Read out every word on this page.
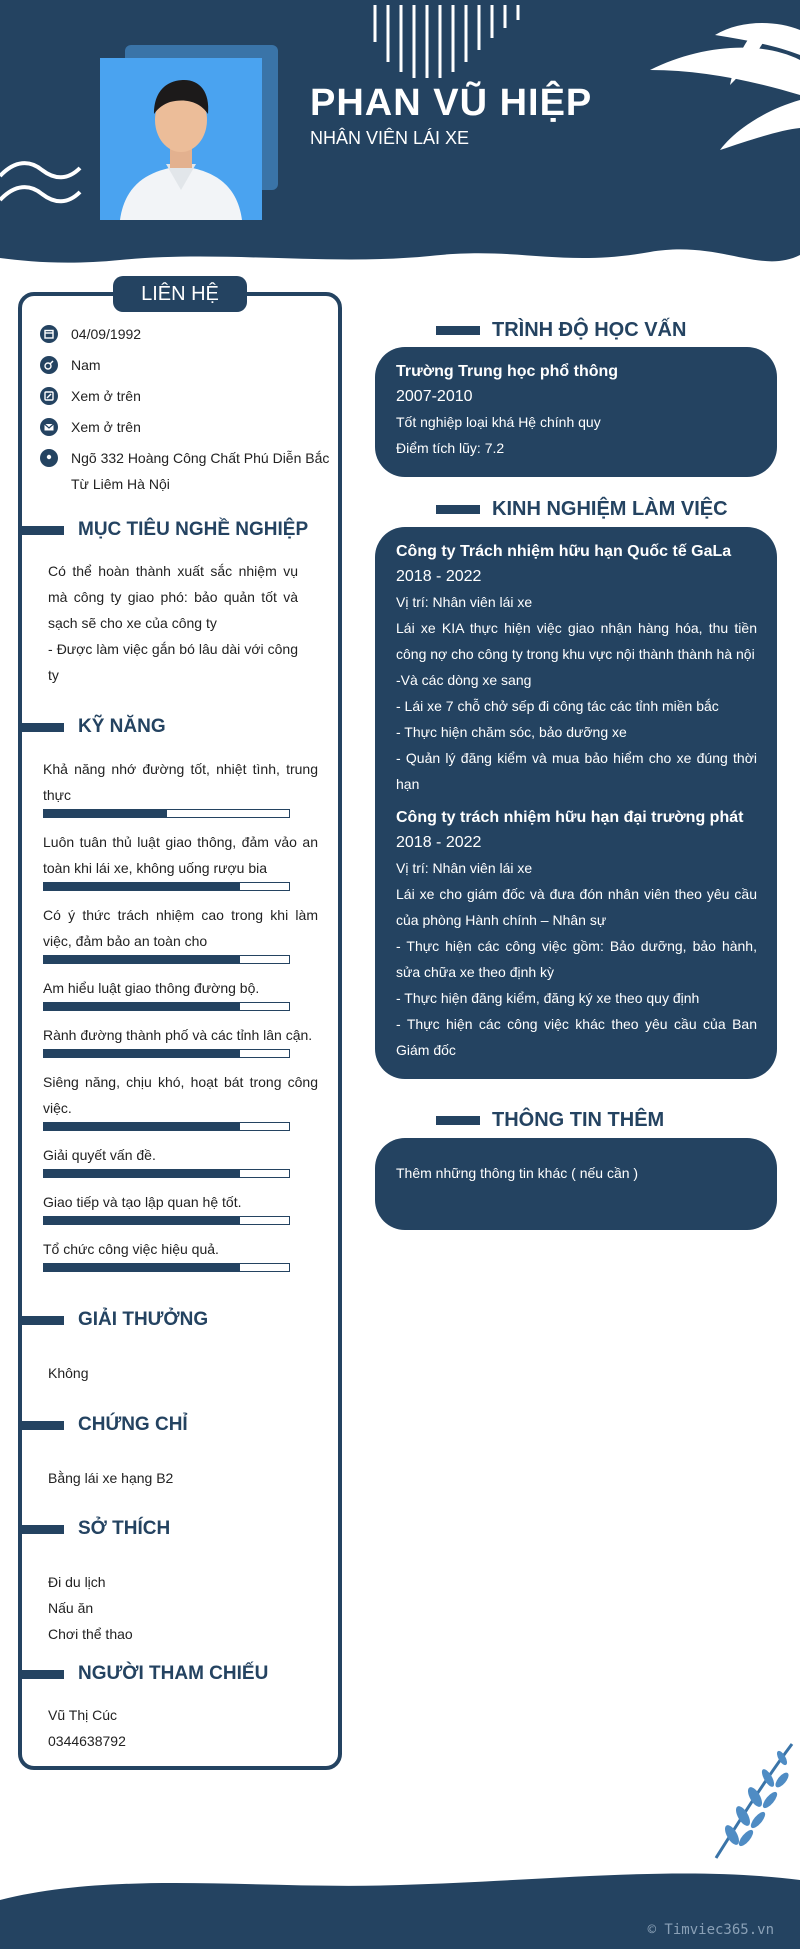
PHAN VŨ HIỆP
NHÂN VIÊN LÁI XE
LIÊN HỆ
04/09/1992
Nam
Xem ở trên
Xem ở trên
Ngõ 332 Hoàng Công Chất Phú Diễn Bắc Từ Liêm Hà Nội
MỤC TIÊU NGHỀ NGHIỆP
Có thể hoàn thành xuất sắc nhiệm vụ mà công ty giao phó: bảo quản tốt và sạch sẽ cho xe của công ty
- Được làm việc gắn bó lâu dài với công ty
KỸ NĂNG
Khả năng nhớ đường tốt, nhiệt tình, trung thực
Luôn tuân thủ luật giao thông, đảm vảo an toàn khi lái xe, không uống rượu bia
Có ý thức trách nhiệm cao trong khi làm việc, đảm bảo an toàn cho
Am hiểu luật giao thông đường bộ.
Rành đường thành phố và các tỉnh lân cận.
Siêng năng, chịu khó, hoạt bát trong công việc.
Giải quyết vấn đề.
Giao tiếp và tạo lập quan hệ tốt.
Tổ chức công việc hiệu quả.
GIẢI THƯỞNG
Không
CHỨNG CHỈ
Bằng lái xe hạng B2
SỞ THÍCH
Đi du lịch
Nấu ăn
Chơi thể thao
NGƯỜI THAM CHIẾU
Vũ Thị Cúc
0344638792
TRÌNH ĐỘ HỌC VẤN
Trường Trung học phổ thông
2007-2010
Tốt nghiệp loại khá Hệ chính quy
Điểm tích lũy: 7.2
KINH NGHIỆM LÀM VIỆC
Công ty Trách nhiệm hữu hạn Quốc tế GaLa
2018 - 2022
Vị trí: Nhân viên lái xe
Lái xe KIA thực hiện việc giao nhận hàng hóa, thu tiền công nợ cho công ty trong khu vực nội thành thành hà nội
-Và các dòng xe sang
- Lái xe 7 chỗ chở sếp đi công tác các tỉnh miền bắc
- Thực hiện chăm sóc, bảo dưỡng xe
- Quản lý đăng kiểm và mua bảo hiểm cho xe đúng thời hạn
Công ty trách nhiệm hữu hạn đại trường phát
2018 - 2022
Vị trí: Nhân viên lái xe
Lái xe cho giám đốc và đưa đón nhân viên theo yêu cầu của phòng Hành chính – Nhân sự
- Thực hiện các công việc gồm: Bảo dưỡng, bảo hành, sửa chữa xe theo định kỳ
- Thực hiện đăng kiểm, đăng ký xe theo quy định
- Thực hiện các công việc khác theo yêu cầu của Ban Giám đốc
THÔNG TIN THÊM
Thêm những thông tin khác ( nếu cần )
© Timviec365.vn
